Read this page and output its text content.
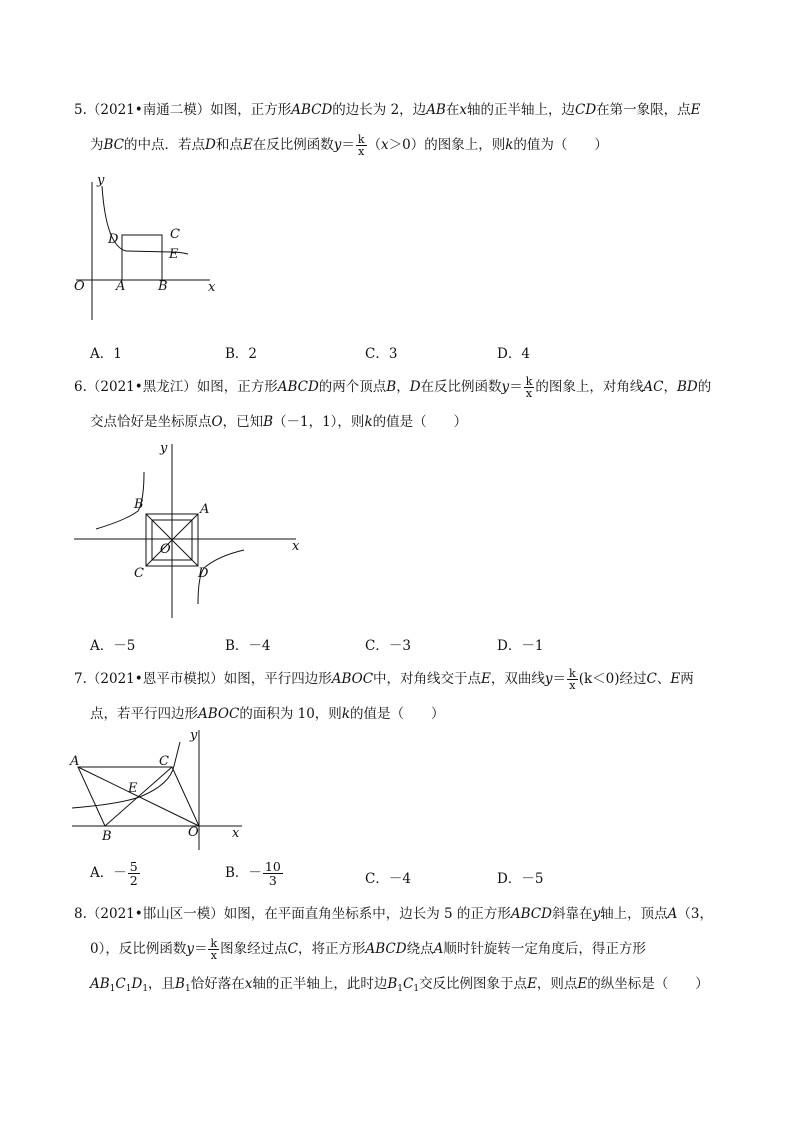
5.（2021•南通二模）如图，正方形ABCD的边长为 2，边AB在x轴的正半轴上，边CD在第一象限，点E
为BC的中点．若点D和点E在反比例函数$y= \frac{k}{x} (x>0)$的图象上，则k的值为（　　）
y
x
O A	B
C
D
E
A．1	B．2	C．3	D．4
6.（2021•黑龙江）如图，正方形ABCD的两个顶点B，D在反比例函数$y= \frac{k}{x}$ 的图象上，对角线AC，BD的
交点恰好是坐标原点O，已知B（－1，1），则k的值是（　　）
y
x
O
A
B
C	D
A．－5	B．－4	C．－3	D．－1
7.（2021•恩平市模拟）如图，平行四边形ABOC中，对角线交于点E，双曲线$y= \frac{k}{x} (k<0)$经过C、E两
点，若平行四边形ABOC的面积为 10，则k的值是（　　）
y
x
O
A
B
C
E
A．－ $\frac{5}{2}$	B．－ $\frac{10}{3}$	C．－4	D．－5
8.（2021•邯山区一模）如图，在平面直角坐标系中，边长为 5 的正方形ABCD斜靠在y轴上，顶点A（3，
0），反比例函数$y= \frac{k}{x}$ 图象经过点C，将正方形ABCD绕点A顺时针旋转一定角度后，得正方形
$AB_1C_1D_1$，且$B_1$恰好落在x轴的正半轴上，此时边$B_1C_1$交反比例图象于点E，则点E的纵坐标是（　　）
